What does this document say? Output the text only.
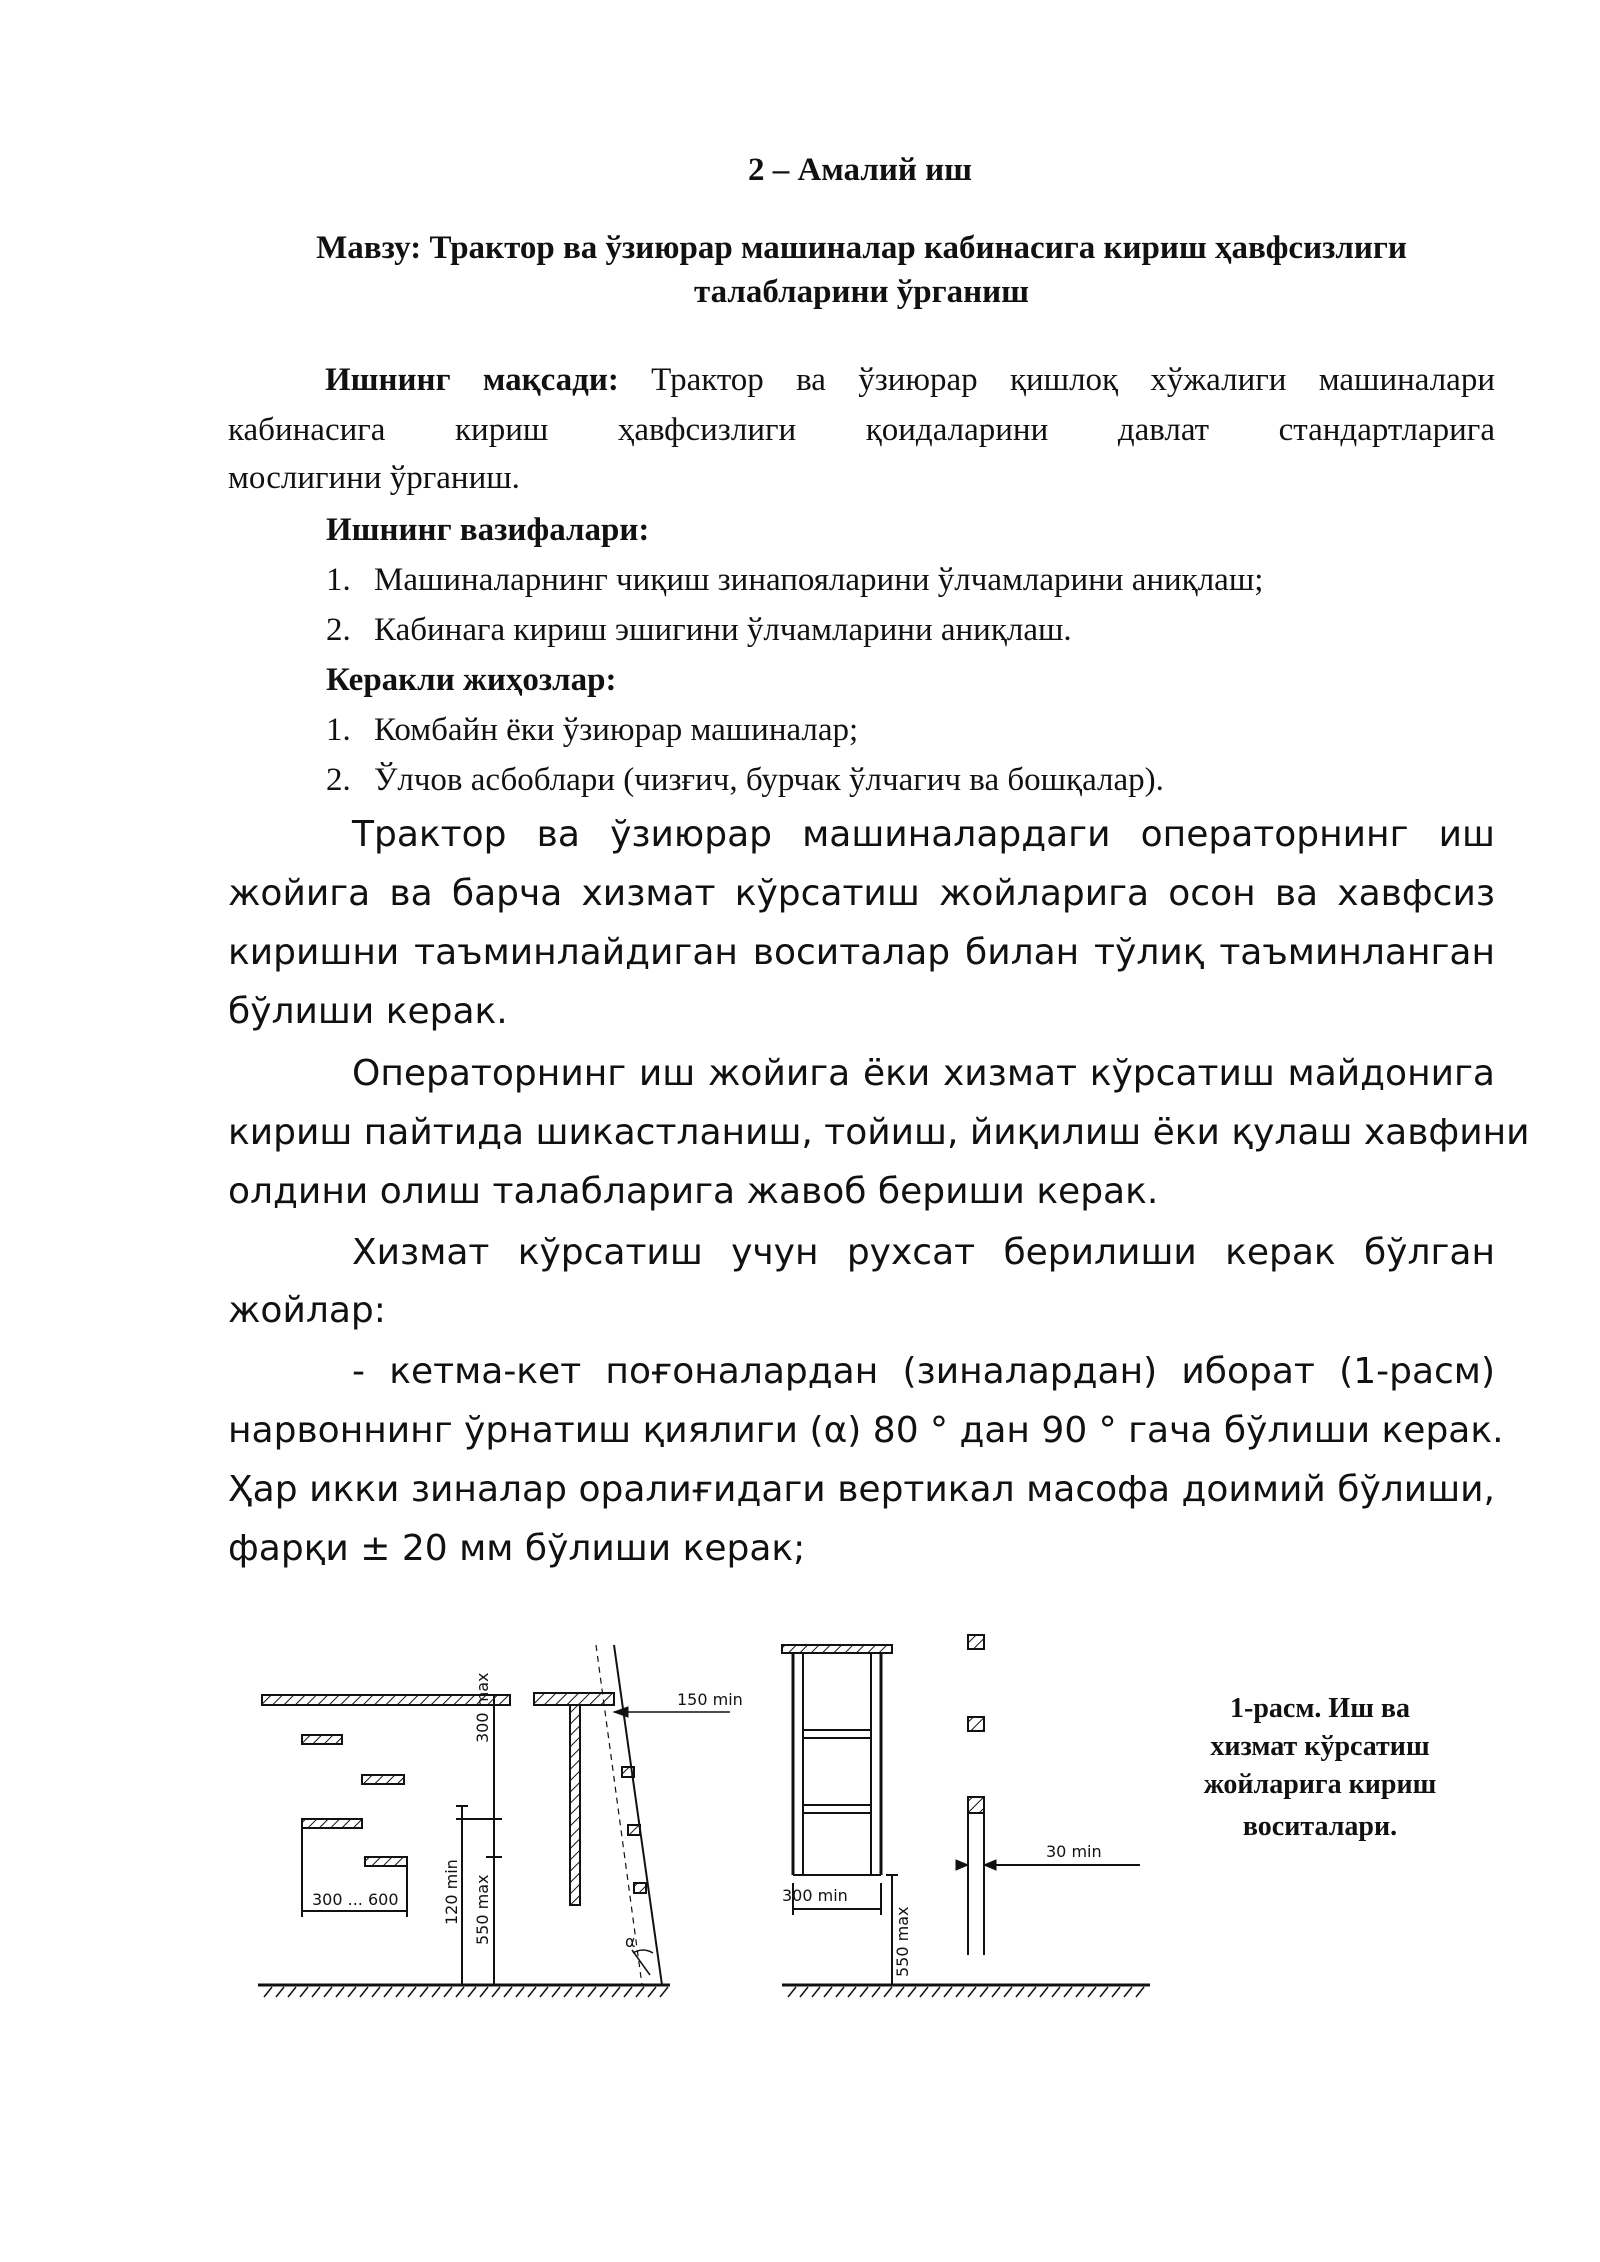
2 – Амалий иш
Мавзу: Трактор ва ўзиюрар машиналар кабинасига кириш ҳавфсизлиги
талабларини ўрганиш
Ишнинг мақсади: Трактор ва ўзиюрар қишлоқ хўжалиги машиналари
кабинасига кириш ҳавфсизлиги қоидаларини давлат стандартларига
мослигини ўрганиш.
Ишнинг вазифалари:
1. Машиналарнинг чиқиш зинапояларини ўлчамларини аниқлаш;
2. Кабинага кириш эшигини ўлчамларини аниқлаш.
Керакли жиҳозлар:
1. Комбайн ёки ўзиюрар машиналар;
2. Ўлчов асбоблари (чизғич, бурчак ўлчагич ва бошқалар).
Трактор ва ўзиюрар машиналардаги операторнинг иш
жойига ва барча хизмат кўрсатиш жойларига осон ва хавфсиз
киришни таъминлайдиган воситалар билан тўлиқ таъминланган
бўлиши керак.
Операторнинг иш жойига ёки хизмат кўрсатиш майдонига
кириш пайтида шикастланиш, тойиш, йиқилиш ёки қулаш хавфини
олдини олиш талабларига жавоб бериши керак.
Хизмат кўрсатиш учун рухсат берилиши керак бўлган
жойлар:
- кетма-кет поғоналардан (зиналардан) иборат (1-расм)
нарвоннинг ўрнатиш қиялиги (α) 80 ° дан 90 ° гача бўлиши керак.
Ҳар икки зиналар оралиғидаги вертикал масофа доимий бўлиши,
фарқи ± 20 мм бўлиши керак;
300 ... 600
300 max
120 min 550 max
150 min
α
300 min
550 max
30 min
1-расм. Иш ва
хизмат кўрсатиш
жойларига кириш
воситалари.
